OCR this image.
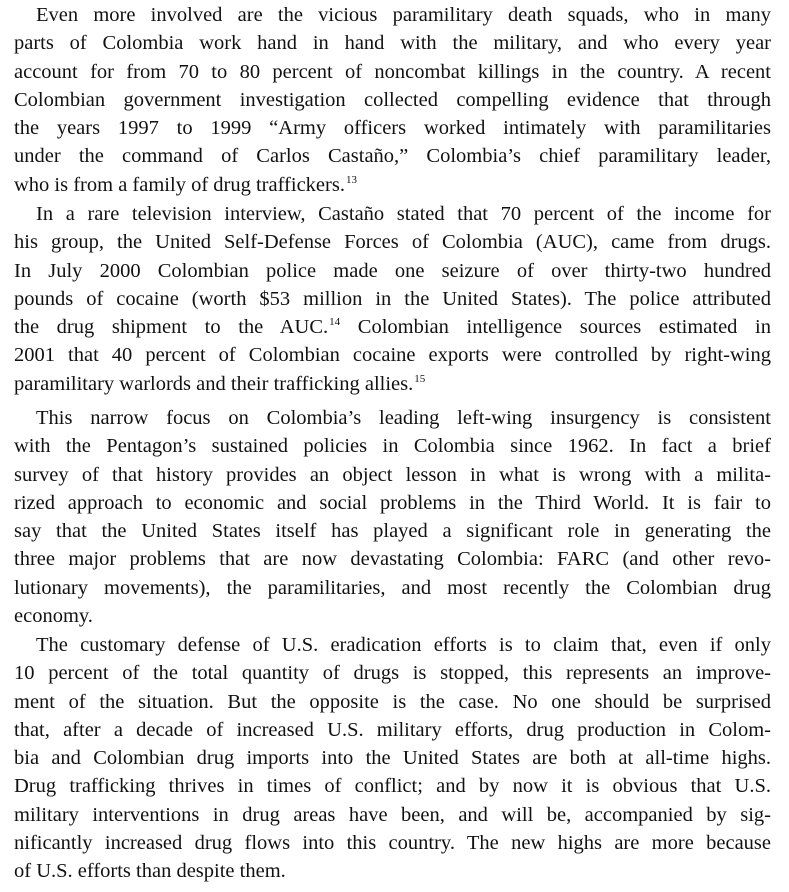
Even more involved are the vicious paramilitary death squads, who in many
parts of Colombia work hand in hand with the military, and who every year
account for from 70 to 80 percent of noncombat killings in the country. A recent
Colombian government investigation collected compelling evidence that through
the years 1997 to 1999 “Army officers worked intimately with paramilitaries
under the command of Carlos Castaño,” Colombia’s chief paramilitary leader,
who is from a family of drug traffickers.$^{13}$
In a rare television interview, Castaño stated that 70 percent of the income for
his group, the United Self-Defense Forces of Colombia (AUC), came from drugs.
In July 2000 Colombian police made one seizure of over thirty-two hundred
pounds of cocaine (worth $53 million in the United States). The police attributed
the drug shipment to the AUC.$^{14}$ Colombian intelligence sources estimated in
2001 that 40 percent of Colombian cocaine exports were controlled by right-wing
paramilitary warlords and their trafficking allies.$^{15}$
This narrow focus on Colombia’s leading left-wing insurgency is consistent
with the Pentagon’s sustained policies in Colombia since 1962. In fact a brief
survey of that history provides an object lesson in what is wrong with a milita-
rized approach to economic and social problems in the Third World. It is fair to
say that the United States itself has played a significant role in generating the
three major problems that are now devastating Colombia: FARC (and other revo-
lutionary movements), the paramilitaries, and most recently the Colombian drug
economy.
The customary defense of U.S. eradication efforts is to claim that, even if only
10 percent of the total quantity of drugs is stopped, this represents an improve-
ment of the situation. But the opposite is the case. No one should be surprised
that, after a decade of increased U.S. military efforts, drug production in Colom-
bia and Colombian drug imports into the United States are both at all-time highs.
Drug trafficking thrives in times of conflict; and by now it is obvious that U.S.
military interventions in drug areas have been, and will be, accompanied by sig-
nificantly increased drug flows into this country. The new highs are more because
of U.S. efforts than despite them.
